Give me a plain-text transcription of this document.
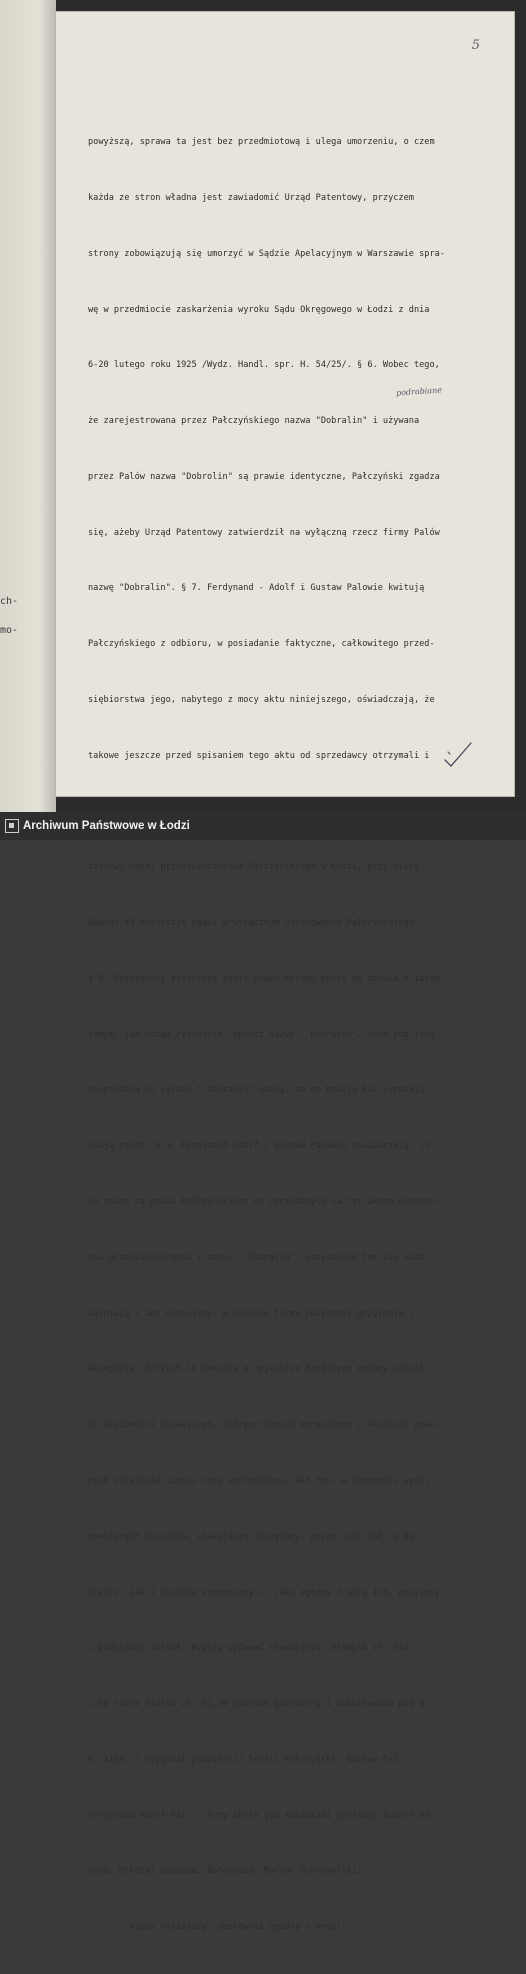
ch-
mo-
5

powyższą, sprawa ta jest bez przedmiotową i ulega umorzeniu, o czem

każda ze stron władna jest zawiadomić Urząd Patentowy, przyczem

strony zobowiązują się umorzyć w Sądzie Apelacyjnym w Warszawie spra-

wę w przedmiocie zaskarżenia wyroku Sądu Okręgowego w Łodzi z dnia

6-20 lutego roku 1925 /Wydz. Handl. spr. H. 54/25/. § 6. Wobec tego,

że zarejestrowana przez Pałczyńskiego nazwa "Dobralin" i używana

przez Palów nazwa "Dobrolin" są prawie identyczne, Pałczyński zgadza

się, ażeby Urząd Patentowy zatwierdził na wyłączną rzecz firmy Palów

nazwę "Dobralin". § 7. Ferdynand - Adolf i Gustaw Palowie kwitują

Pałczyńskiego z odbioru, w posiadanie faktyczne, całkowitego przed-

siębiorstwa jego, nabytego z mocy aktu niniejszego, oświadczają, że

takowe jeszcze przed spisaniem tego aktu od sprzedawcy otrzymali i

czasowy lokal przedsiębiorstwa Pałczyńskiego w Łodzi, przy ulicy

Nawrot 43 pozostaje nadal w wyłącznym użytkowaniu Pałczyńskiego.

§ 8. Pałczyński zastrzega sobie prawo wyrobu pasty do obuwia z takim

samym, jak dotąd rysunkiem, oprócz nazwy " Dobralin", lecz pod inną

niepodobną do wyrazu " Dobralin" nazwą, na co bracia Pal wyrażają

swoją zgodę. § 9. Ferdynand Adolf i Gustaw Palowie oświadczają, iż

im znane są prawa Pałczyńskiego do sprzedanych za tym aktem urządze-

nia przedsiębiorstwa i nazwy " Dobralin", wszystkiem tem się zada-

walniają i akt niniejszy, w imieniu firmy powyższej przyjmują i

akceptują. Artykuł 14 dekretu o rejestrze handlowym podany został

do wiadomości stawającym, którym również oznajmiono o skutkach praw-

nych zatajenia części ceny sprzedażnej. Akt ten, w obecności wyżej

powołanych świadków, stawającym odczytany, przez nich tak co do

treści, jak i skutków zrozumiany i, jako zgodny z wolą ich, przyjęty

i podpisany został. Wypisy wydawać stawającym. Stempla zł. 311

i na rzecz miasta zł. 31,10 pobrano gotowizną i zakwitowano pod N.

R. 1128. / Oryginał podpisali/ Teofil Pałczyński. Gustaw Pal. -

Ferdynand Adolf Pal. - Przy akcie tym świadkami byliśmy: Rudolf Ha-

nisz. Mikołaj Gwianda. Notarjusz: Marjan Dobrowolski.

Wypis niniejszy, dosłownie zgodny z orygi-

podrabiane
Archiwum Państwowe w Łodzi
